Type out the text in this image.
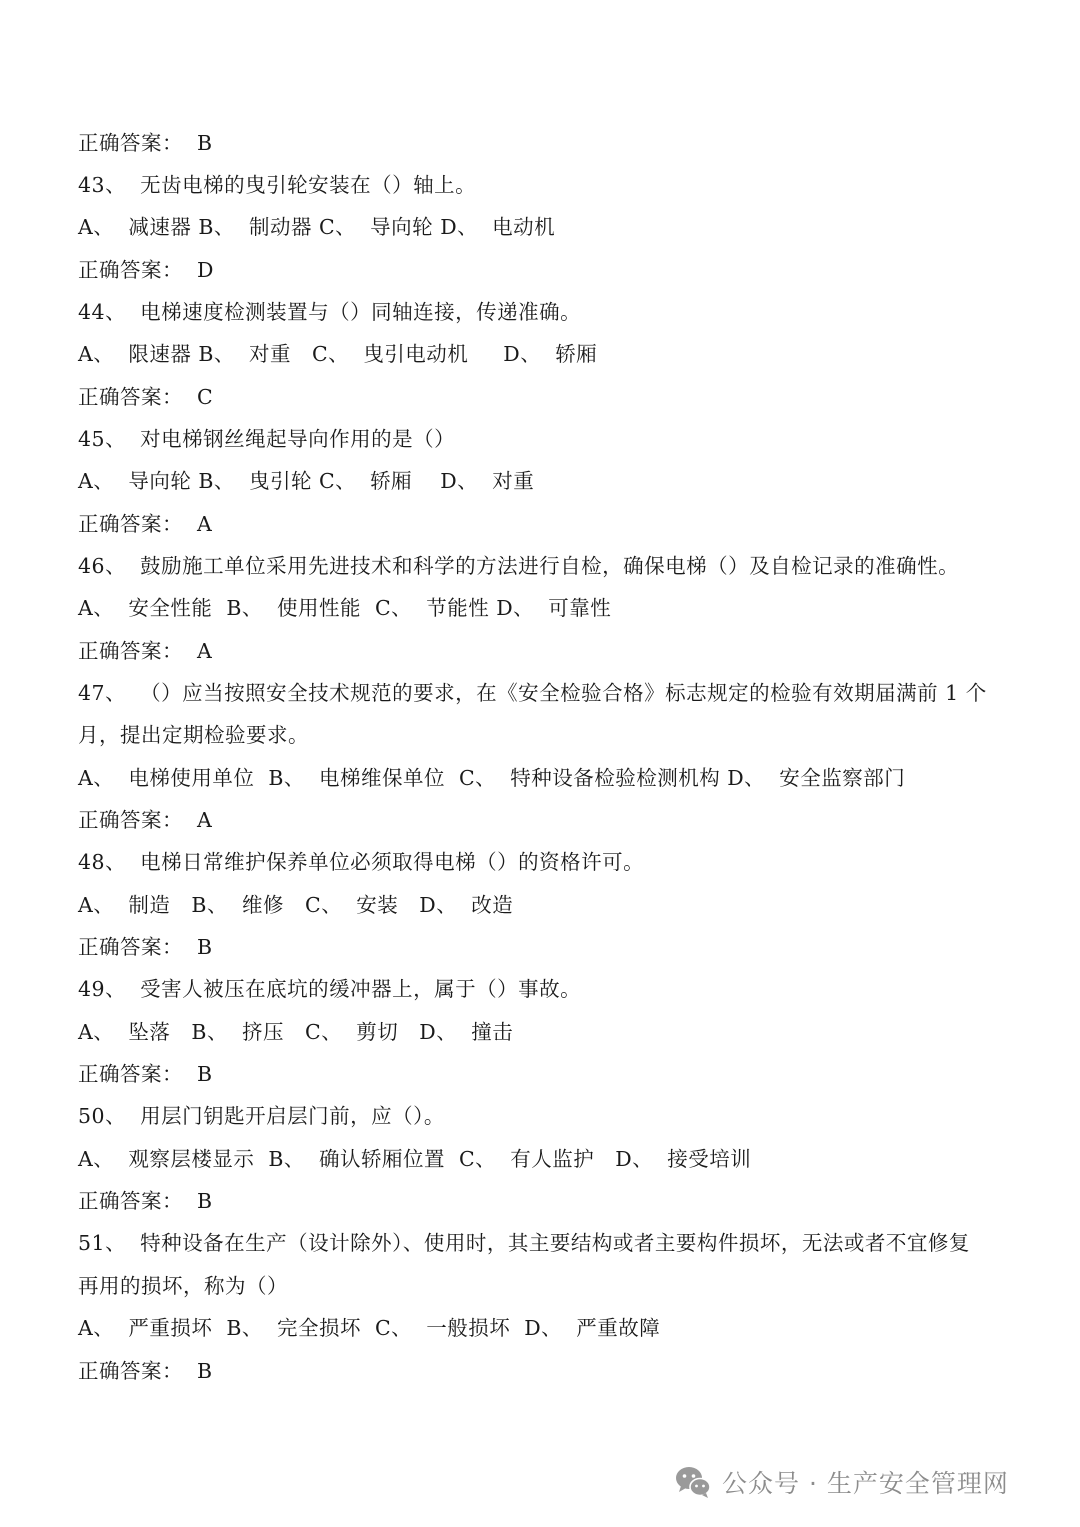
正确答案：  B
43、  无齿电梯的曳引轮安装在（）轴上。
A、  减速器 B、  制动器 C、  导向轮 D、  电动机
正确答案：  D
44、  电梯速度检测装置与（）同轴连接，传递准确。
A、  限速器 B、  对重   C、  曳引电动机     D、  轿厢
正确答案：  C
45、  对电梯钢丝绳起导向作用的是（）
A、  导向轮 B、  曳引轮 C、  轿厢    D、  对重
正确答案：  A
46、  鼓励施工单位采用先进技术和科学的方法进行自检，确保电梯（）及自检记录的准确性。
A、  安全性能  B、  使用性能  C、  节能性 D、  可靠性
正确答案：  A
47、  （）应当按照安全技术规范的要求，在《安全检验合格》标志规定的检验有效期届满前 1 个
月，提出定期检验要求。
A、  电梯使用单位  B、  电梯维保单位  C、  特种设备检验检测机构 D、  安全监察部门
正确答案：  A
48、  电梯日常维护保养单位必须取得电梯（）的资格许可。
A、  制造   B、  维修   C、  安装   D、  改造
正确答案：  B
49、  受害人被压在底坑的缓冲器上，属于（）事故。
A、  坠落   B、  挤压   C、  剪切   D、  撞击
正确答案：  B
50、  用层门钥匙开启层门前，应（）。
A、  观察层楼显示  B、  确认轿厢位置  C、  有人监护   D、  接受培训
正确答案：  B
51、  特种设备在生产（设计除外）、使用时，其主要结构或者主要构件损坏，无法或者不宜修复
再用的损坏，称为（）
A、  严重损坏  B、  完全损坏  C、  一般损坏  D、  严重故障
正确答案：  B
公众号 · 生产安全管理网
